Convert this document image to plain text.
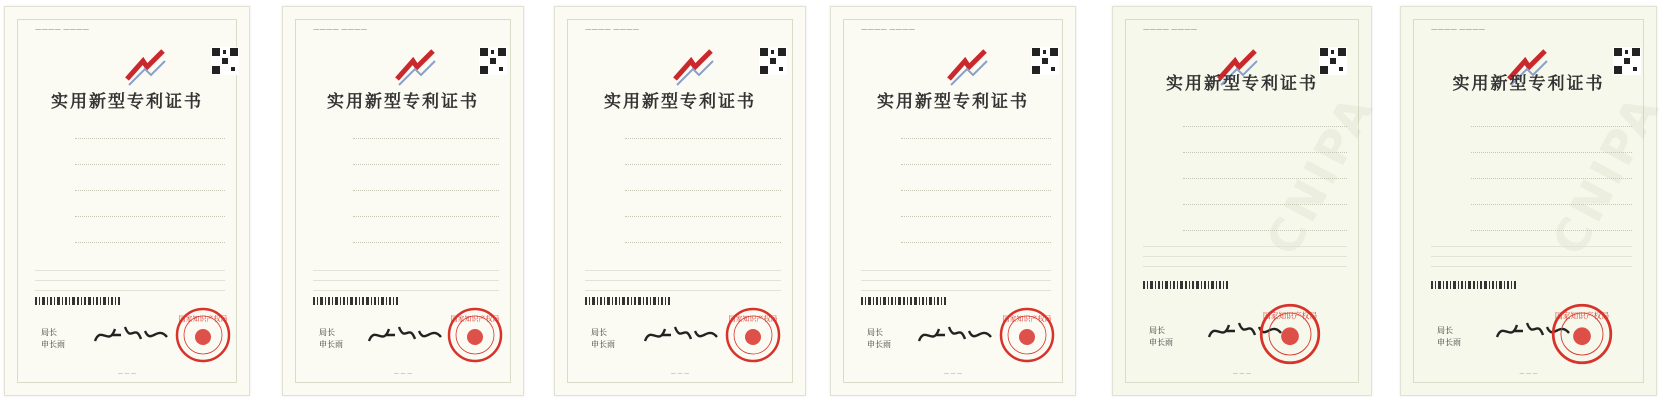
———— ————
实用新型专利证书
局长
申长雨
国家知识产权局
— — —
———— ————
实用新型专利证书
局长
申长雨
国家知识产权局
— — —
———— ————
实用新型专利证书
局长
申长雨
国家知识产权局
— — —
———— ————
实用新型专利证书
局长
申长雨
国家知识产权局
— — —
CNIPA
———— ————
实用新型专利证书
局长
申长雨
国家知识产权局
— — —
CNIPA
———— ————
实用新型专利证书
局长
申长雨
国家知识产权局
— — —
